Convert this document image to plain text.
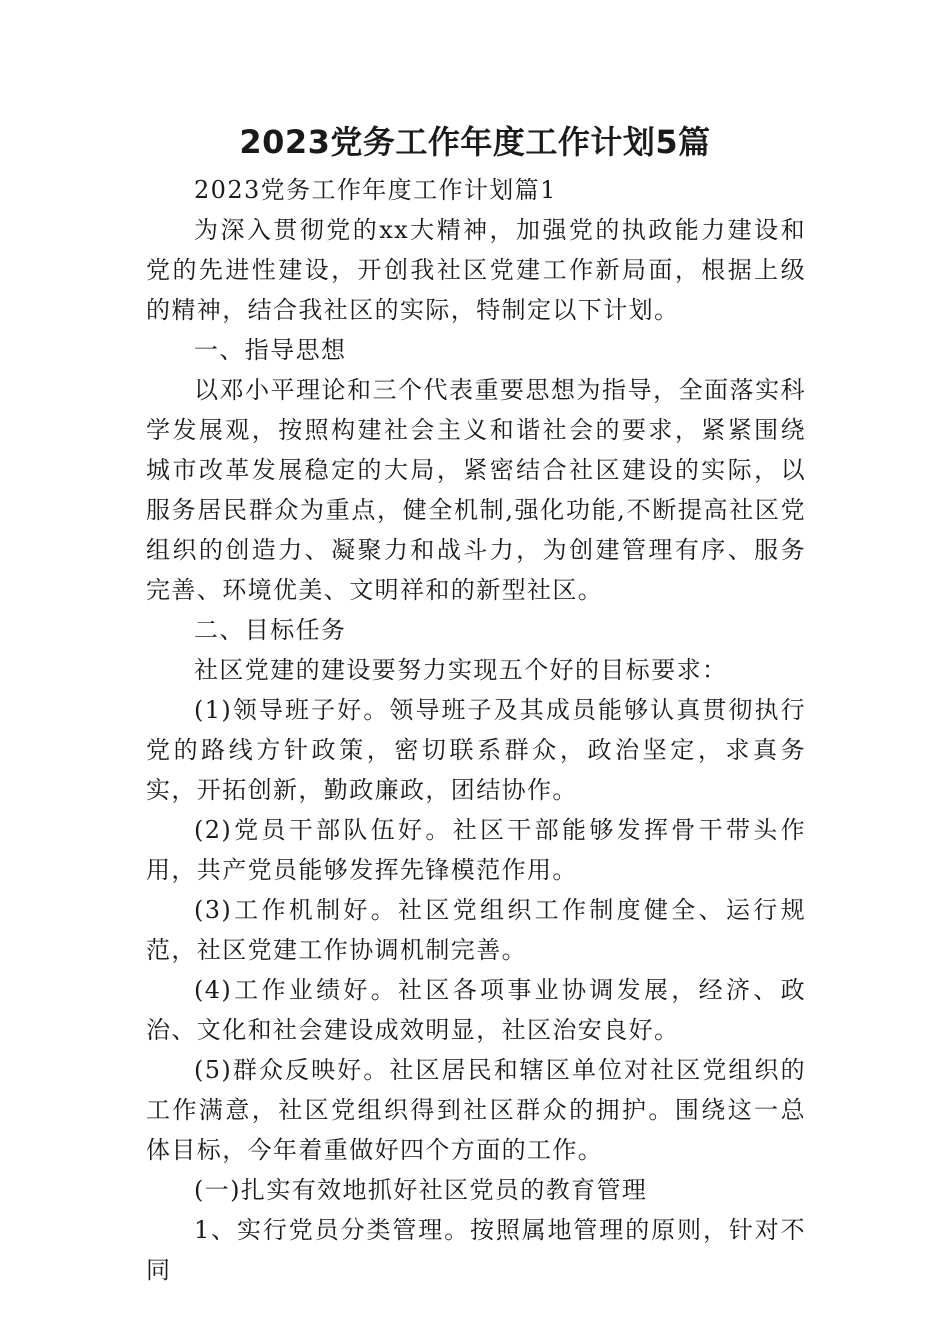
2023党务工作年度工作计划5篇

2023党务工作年度工作计划篇1

为深入贯彻党的xx大精神，加强党的执政能力建设和党的先进性建设，开创我社区党建工作新局面，根据上级的精神，结合我社区的实际，特制定以下计划。

一、指导思想

以邓小平理论和三个代表重要思想为指导，全面落实科学发展观，按照构建社会主义和谐社会的要求，紧紧围绕城市改革发展稳定的大局，紧密结合社区建设的实际，以服务居民群众为重点，健全机制,强化功能,不断提高社区党组织的创造力、凝聚力和战斗力，为创建管理有序、服务完善、环境优美、文明祥和的新型社区。

二、目标任务

社区党建的建设要努力实现五个好的目标要求：

(1)领导班子好。领导班子及其成员能够认真贯彻执行党的路线方针政策，密切联系群众，政治坚定，求真务实，开拓创新，勤政廉政，团结协作。

(2)党员干部队伍好。社区干部能够发挥骨干带头作用，共产党员能够发挥先锋模范作用。

(3)工作机制好。社区党组织工作制度健全、运行规范，社区党建工作协调机制完善。

(4)工作业绩好。社区各项事业协调发展，经济、政治、文化和社会建设成效明显，社区治安良好。

(5)群众反映好。社区居民和辖区单位对社区党组织的工作满意，社区党组织得到社区群众的拥护。围绕这一总体目标，今年着重做好四个方面的工作。

(一)扎实有效地抓好社区党员的教育管理

1、实行党员分类管理。按照属地管理的原则，针对不同
